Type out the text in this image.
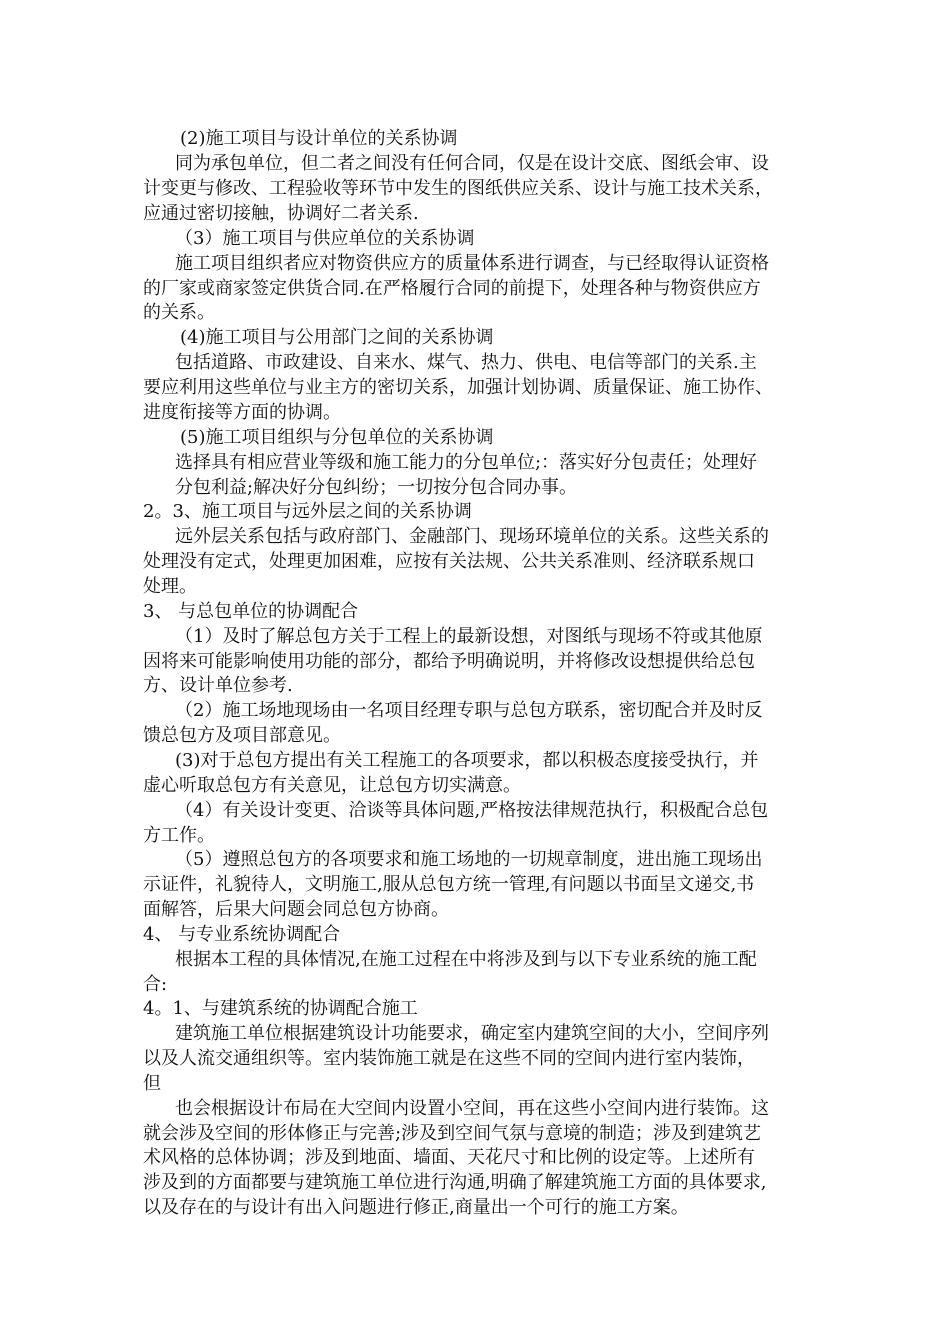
(2)施工项目与设计单位的关系协调
同为承包单位，但二者之间没有任何合同，仅是在设计交底、图纸会审、设
计变更与修改、工程验收等环节中发生的图纸供应关系、设计与施工技术关系，
应通过密切接触，协调好二者关系.
（3）施工项目与供应单位的关系协调
施工项目组织者应对物资供应方的质量体系进行调查，与已经取得认证资格
的厂家或商家签定供货合同.在严格履行合同的前提下，处理各种与物资供应方
的关系。
(4)施工项目与公用部门之间的关系协调
包括道路、市政建设、自来水、煤气、热力、供电、电信等部门的关系.主
要应利用这些单位与业主方的密切关系，加强计划协调、质量保证、施工协作、
进度衔接等方面的协调。
(5)施工项目组织与分包单位的关系协调
选择具有相应营业等级和施工能力的分包单位;：落实好分包责任；处理好
分包利益;解决好分包纠纷；一切按分包合同办事。
2。3、施工项目与远外层之间的关系协调
远外层关系包括与政府部门、金融部门、现场环境单位的关系。这些关系的
处理没有定式，处理更加困难，应按有关法规、公共关系准则、经济联系规口
处理。
3、 与总包单位的协调配合
（1）及时了解总包方关于工程上的最新设想，对图纸与现场不符或其他原
因将来可能影响使用功能的部分，都给予明确说明，并将修改设想提供给总包
方、设计单位参考.
（2）施工场地现场由一名项目经理专职与总包方联系，密切配合并及时反
馈总包方及项目部意见。
(3)对于总包方提出有关工程施工的各项要求，都以积极态度接受执行，并
虚心听取总包方有关意见，让总包方切实满意。
（4）有关设计变更、洽谈等具体问题,严格按法律规范执行，积极配合总包
方工作。
（5）遵照总包方的各项要求和施工场地的一切规章制度，进出施工现场出
示证件，礼貌待人，文明施工,服从总包方统一管理,有问题以书面呈文递交,书
面解答，后果大问题会同总包方协商。
4、 与专业系统协调配合
根据本工程的具体情况,在施工过程在中将涉及到与以下专业系统的施工配
合:
4。1、与建筑系统的协调配合施工
建筑施工单位根据建筑设计功能要求，确定室内建筑空间的大小，空间序列
以及人流交通组织等。室内装饰施工就是在这些不同的空间内进行室内装饰，
但
也会根据设计布局在大空间内设置小空间，再在这些小空间内进行装饰。这
就会涉及空间的形体修正与完善;涉及到空间气氛与意境的制造；涉及到建筑艺
术风格的总体协调；涉及到地面、墙面、天花尺寸和比例的设定等。上述所有
涉及到的方面都要与建筑施工单位进行沟通,明确了解建筑施工方面的具体要求,
以及存在的与设计有出入问题进行修正,商量出一个可行的施工方案。
